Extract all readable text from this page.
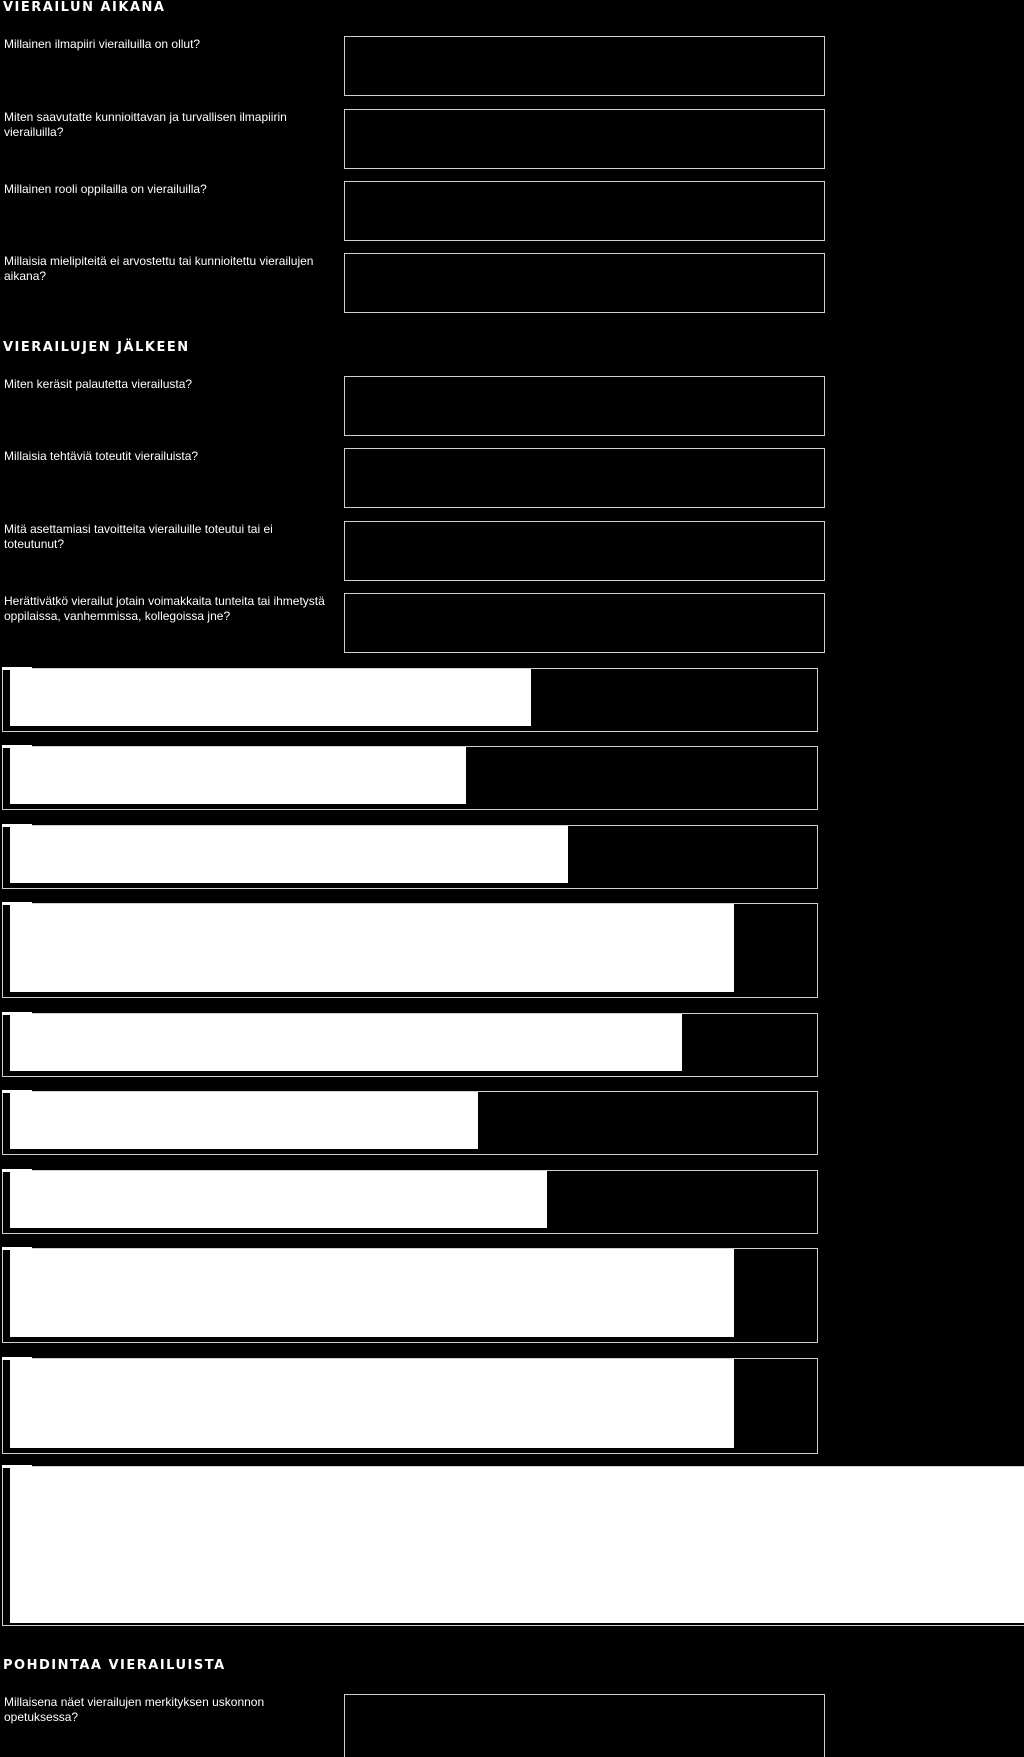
VIERAILUN AIKANA

Millainen ilmapiiri vierailuilla on ollut?

Miten saavutatte kunnioittavan ja turvallisen ilmapiirin vierailuilla?

Millainen rooli oppilailla on vierailuilla?

Millaisia mielipiteitä ei arvostettu tai kunnioitettu vierailujen aikana?

VIERAILUJEN JÄLKEEN

Miten keräsit palautetta vierailusta?

Millaisia tehtäviä toteutit vierailuista?

Mitä asettamiasi tavoitteita vierailuille toteutui tai ei toteutunut?

Herättivätkö vierailut jotain voimakkaita tunteita tai ihmetystä oppilaissa, vanhemmissa, kollegoissa jne?

POHDINTAA VIERAILUISTA

Millaisena näet vierailujen merkityksen uskonnon opetuksessa?
